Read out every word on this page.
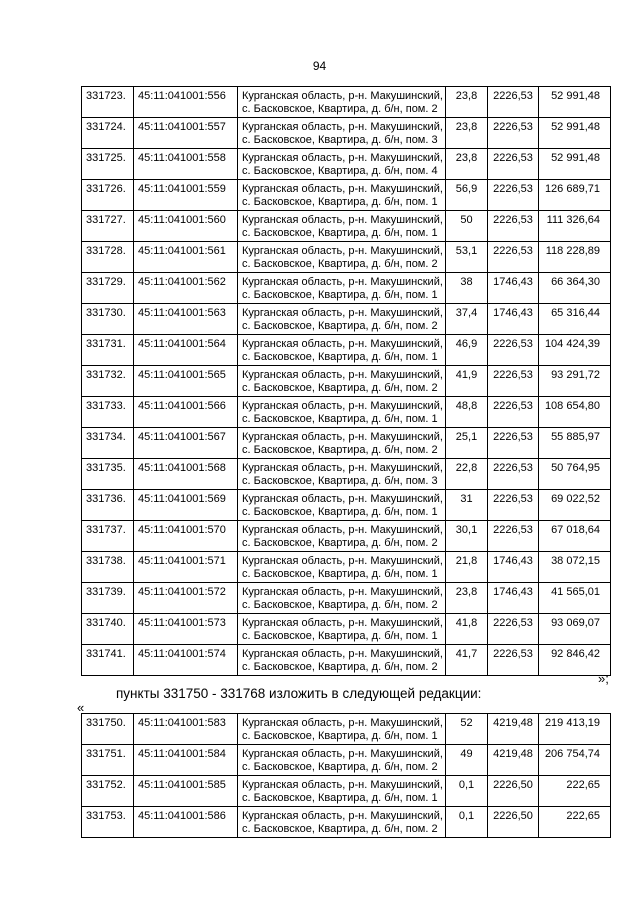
94
331723.	45:11:041001:556	Курганская область, р-н. Макушинский,
с. Басковское, Квартира, д. б/н, пом. 2	23,8	2226,53	52 991,48
331724.	45:11:041001:557	Курганская область, р-н. Макушинский,
с. Басковское, Квартира, д. б/н, пом. 3	23,8	2226,53	52 991,48
331725.	45:11:041001:558	Курганская область, р-н. Макушинский,
с. Басковское, Квартира, д. б/н, пом. 4	23,8	2226,53	52 991,48
331726.	45:11:041001:559	Курганская область, р-н. Макушинский,
с. Басковское, Квартира, д. б/н, пом. 1	56,9	2226,53	126 689,71
331727.	45:11:041001:560	Курганская область, р-н. Макушинский,
с. Басковское, Квартира, д. б/н, пом. 1	50	2226,53	111 326,64
331728.	45:11:041001:561	Курганская область, р-н. Макушинский,
с. Басковское, Квартира, д. б/н, пом. 2	53,1	2226,53	118 228,89
331729.	45:11:041001:562	Курганская область, р-н. Макушинский,
с. Басковское, Квартира, д. б/н, пом. 1	38	1746,43	66 364,30
331730.	45:11:041001:563	Курганская область, р-н. Макушинский,
с. Басковское, Квартира, д. б/н, пом. 2	37,4	1746,43	65 316,44
331731.	45:11:041001:564	Курганская область, р-н. Макушинский,
с. Басковское, Квартира, д. б/н, пом. 1	46,9	2226,53	104 424,39
331732.	45:11:041001:565	Курганская область, р-н. Макушинский,
с. Басковское, Квартира, д. б/н, пом. 2	41,9	2226,53	93 291,72
331733.	45:11:041001:566	Курганская область, р-н. Макушинский,
с. Басковское, Квартира, д. б/н, пом. 1	48,8	2226,53	108 654,80
331734.	45:11:041001:567	Курганская область, р-н. Макушинский,
с. Басковское, Квартира, д. б/н, пом. 2	25,1	2226,53	55 885,97
331735.	45:11:041001:568	Курганская область, р-н. Макушинский,
с. Басковское, Квартира, д. б/н, пом. 3	22,8	2226,53	50 764,95
331736.	45:11:041001:569	Курганская область, р-н. Макушинский,
с. Басковское, Квартира, д. б/н, пом. 1	31	2226,53	69 022,52
331737.	45:11:041001:570	Курганская область, р-н. Макушинский,
с. Басковское, Квартира, д. б/н, пом. 2	30,1	2226,53	67 018,64
331738.	45:11:041001:571	Курганская область, р-н. Макушинский,
с. Басковское, Квартира, д. б/н, пом. 1	21,8	1746,43	38 072,15
331739.	45:11:041001:572	Курганская область, р-н. Макушинский,
с. Басковское, Квартира, д. б/н, пом. 2	23,8	1746,43	41 565,01
331740.	45:11:041001:573	Курганская область, р-н. Макушинский,
с. Басковское, Квартира, д. б/н, пом. 1	41,8	2226,53	93 069,07
331741.	45:11:041001:574	Курганская область, р-н. Макушинский,
с. Басковское, Квартира, д. б/н, пом. 2	41,7	2226,53	92 846,42
»;
пункты 331750 - 331768 изложить в следующей редакции:
«
331750.	45:11:041001:583	Курганская область, р-н. Макушинский,
с. Басковское, Квартира, д. б/н, пом. 1	52	4219,48	219 413,19
331751.	45:11:041001:584	Курганская область, р-н. Макушинский,
с. Басковское, Квартира, д. б/н, пом. 2	49	4219,48	206 754,74
331752.	45:11:041001:585	Курганская область, р-н. Макушинский,
с. Басковское, Квартира, д. б/н, пом. 1	0,1	2226,50	222,65
331753.	45:11:041001:586	Курганская область, р-н. Макушинский,
с. Басковское, Квартира, д. б/н, пом. 2	0,1	2226,50	222,65
